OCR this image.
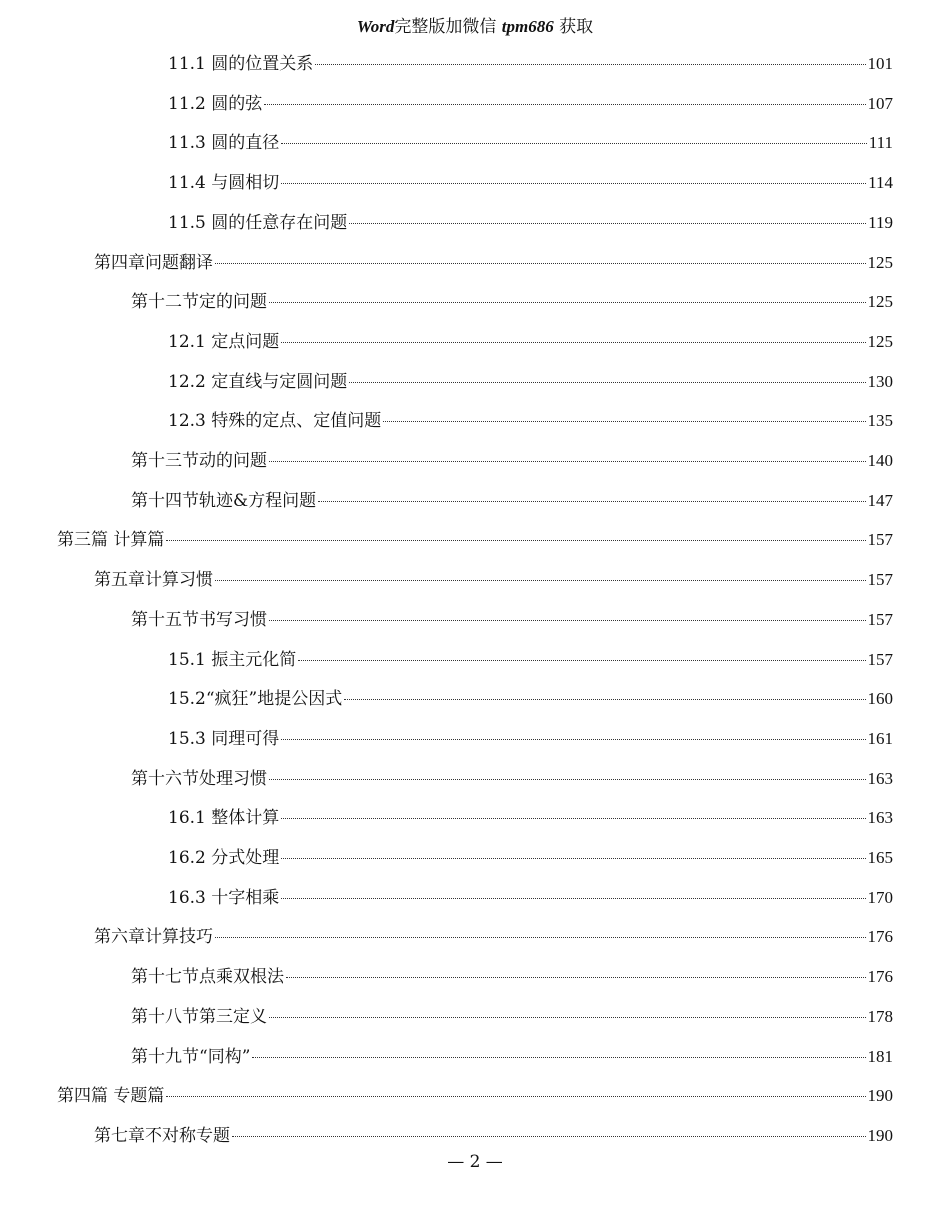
Word完整版加微信 tpm686 获取
11.1 圆的位置关系	101
11.2 圆的弦	107
11.3 圆的直径	111
11.4 与圆相切	114
11.5 圆的任意存在问题	119
第四章问题翻译	125
第十二节定的问题	125
12.1 定点问题	125
12.2 定直线与定圆问题	130
12.3 特殊的定点、定值问题	135
第十三节动的问题	140
第十四节轨迹&方程问题	147
第三篇 计算篇	157
第五章计算习惯	157
第十五节书写习惯	157
15.1 振主元化简	157
15.2“疯狂”地提公因式	160
15.3 同理可得	161
第十六节处理习惯	163
16.1 整体计算	163
16.2 分式处理	165
16.3 十字相乘	170
第六章计算技巧	176
第十七节点乘双根法	176
第十八节第三定义	178
第十九节“同构”	181
第四篇 专题篇	190
第七章不对称专题	190
— 2 —
